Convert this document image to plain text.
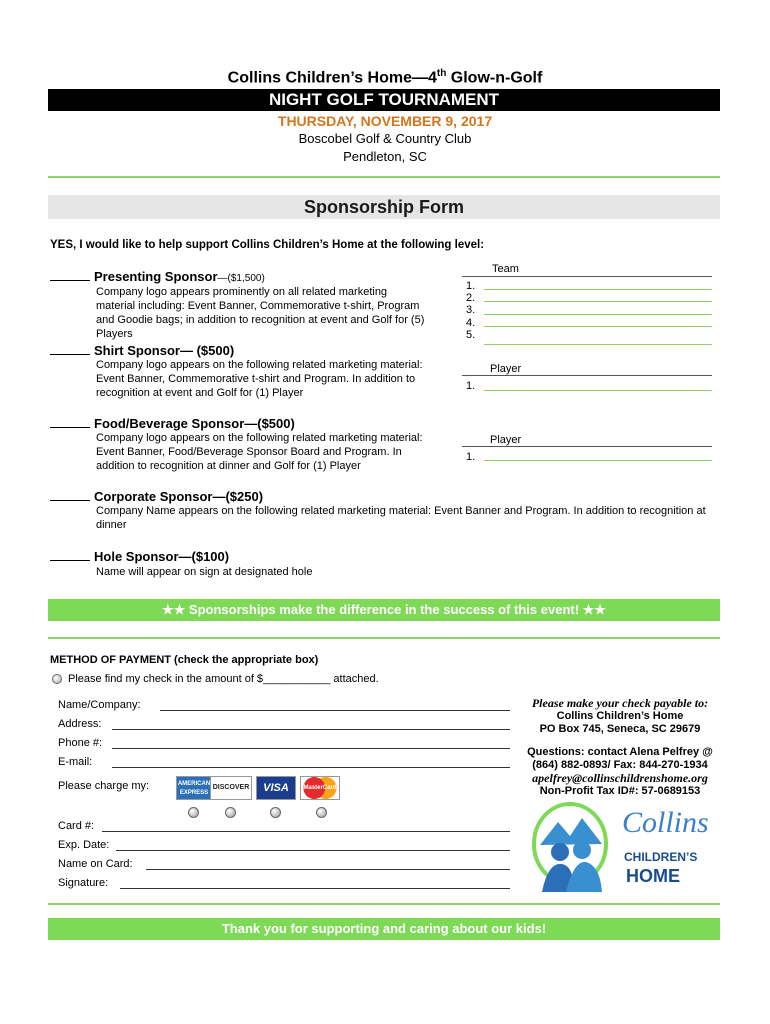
Collins Children’s Home—4th Glow-n-Golf
NIGHT GOLF TOURNAMENT
THURSDAY, NOVEMBER 9, 2017
Boscobel Golf & Country Club
Pendleton, SC
Sponsorship Form
YES, I would like to help support Collins Children’s Home at the following level:
Presenting Sponsor—($1,500)
Company logo appears prominently on all related marketing material including: Event Banner, Commemorative t-shirt, Program and Goodie bags; in addition to recognition at event and Golf for (5) Players
Team
1.
2.
3.
4.
5.
Shirt Sponsor— ($500)
Company logo appears on the following related marketing material: Event Banner, Commemorative t-shirt and Program. In addition to recognition at event and Golf for (1) Player
Player
1.
Food/Beverage Sponsor—($500)
Company logo appears on the following related marketing material: Event Banner, Food/Beverage Sponsor Board and Program. In addition to recognition at dinner and Golf for (1) Player
Player
1.
Corporate Sponsor—($250)
Company Name appears on the following related marketing material: Event Banner and Program. In addition to recognition at dinner
Hole Sponsor—($100)
Name will appear on sign at designated hole
★★ Sponsorships make the difference in the success of this event! ★★
METHOD OF PAYMENT (check the appropriate box)
Please find my check in the amount of $___________ attached.
Name/Company:
Address:
Phone #:
E-mail:
Please charge my:	AMERICAN EXPRESS
DISCOVER	VISA	MasterCard
Card #:
Exp. Date:
Name on Card:
Signature:
Please make your check payable to:
Collins Children’s Home
PO Box 745, Seneca, SC 29679
Questions: contact Alena Pelfrey @
(864) 882-0893/ Fax: 844-270-1934
apelfrey@collinschildrenshome.org
Non-Profit Tax ID#: 57-0689153
Collins
CHILDREN’S
HOME
Thank you for supporting and caring about our kids!
